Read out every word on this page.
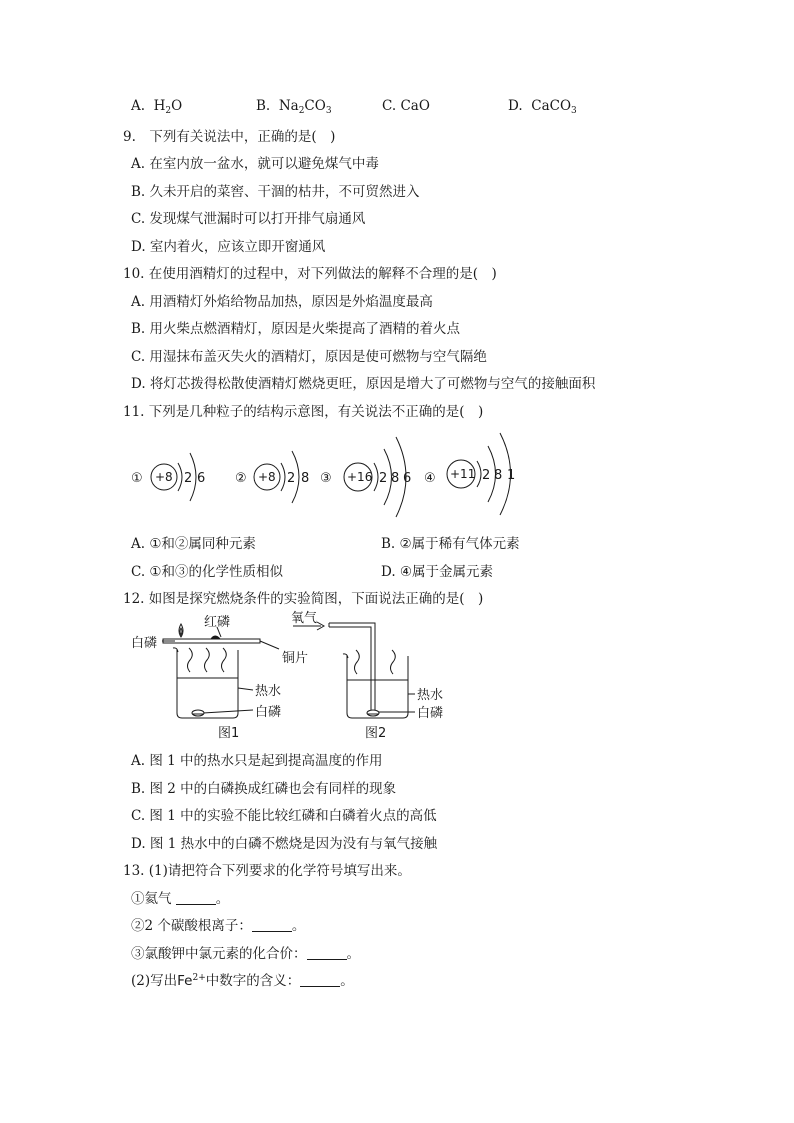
A. $H_2O$	B. $Na_2CO_3$	C. CaO	D. CaCO$_3$
9.　下列有关说法中，正确的是(　)
A. 在室内放一盆水，就可以避免煤气中毒
B. 久未开启的菜窖、干涸的枯井，不可贸然进入
C. 发现煤气泄漏时可以打开排气扇通风
D. 室内着火，应该立即开窗通风
10. 在使用酒精灯的过程中，对下列做法的解释不合理的是(　)
A. 用酒精灯外焰给物品加热，原因是外焰温度最高
B. 用火柴点燃酒精灯，原因是火柴提高了酒精的着火点
C. 用湿抹布盖灭失火的酒精灯，原因是使可燃物与空气隔绝
D. 将灯芯拨得松散使酒精灯燃烧更旺，原因是增大了可燃物与空气的接触面积
11. 下列是几种粒子的结构示意图，有关说法不正确的是(　)
① +8 2 6 ② +8 2 8 ③ +16 2 8 6 ④ +11 2 8 1
A. ①和②属同种元素	B. ②属于稀有气体元素
C. ①和③的化学性质相似	D. ④属于金属元素
12. 如图是探究燃烧条件的实验简图，下面说法正确的是(　)
红磷
白磷
铜片
热水
白磷
图1
氧气
热水
白磷
图2
A. 图 1 中的热水只是起到提高温度的作用
B. 图 2 中的白磷换成红磷也会有同样的现象
C. 图 1 中的实验不能比较红磷和白磷着火点的高低
D. 图 1 热水中的白磷不燃烧是因为没有与氧气接触
13. (1)请把符合下列要求的化学符号填写出来。
①氦气	。
②2 个碳酸根离子：	。
③氯酸钾中氯元素的化合价：	。
(2)写出$Fe^{2+}$中数字的含义：	。
